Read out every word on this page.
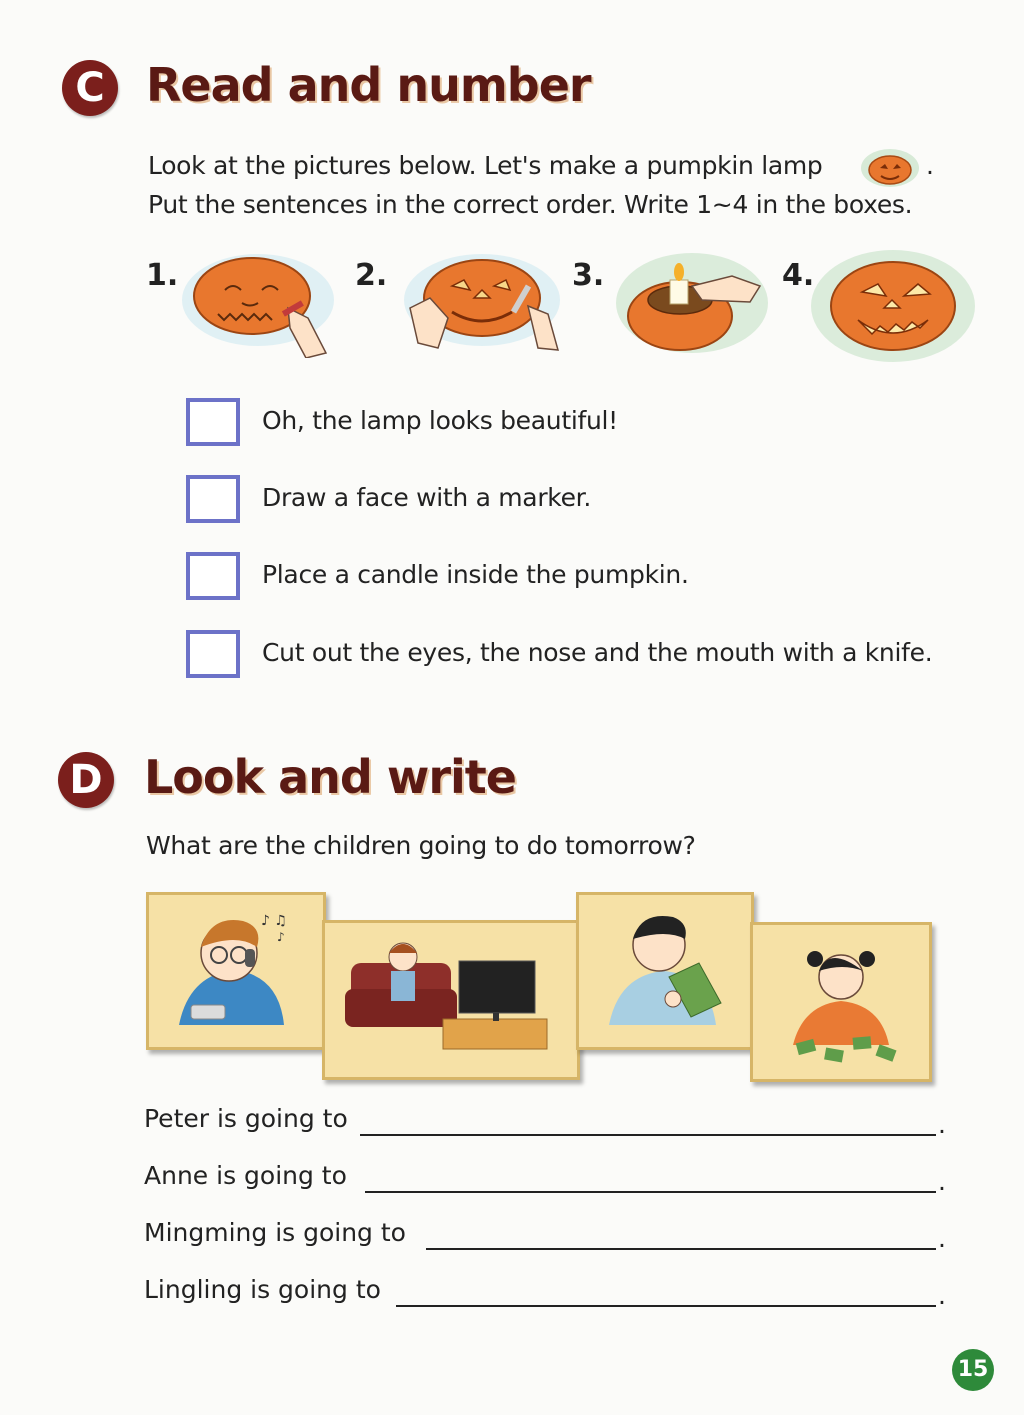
C Read and number
Look at the pictures below. Let's make a pumpkin lamp	.
Put the sentences in the correct order. Write 1~4 in the boxes.
1.	2.	3.	4.
Oh, the lamp looks beautiful!
Draw a face with a marker.
Place a candle inside the pumpkin.
Cut out the eyes, the nose and the mouth with a knife.
D Look and write
What are the children going to do tomorrow?
♪ ♫
♪
Peter is going to	.
Anne is going to	.
Mingming is going to	.
Lingling is going to	.
15
